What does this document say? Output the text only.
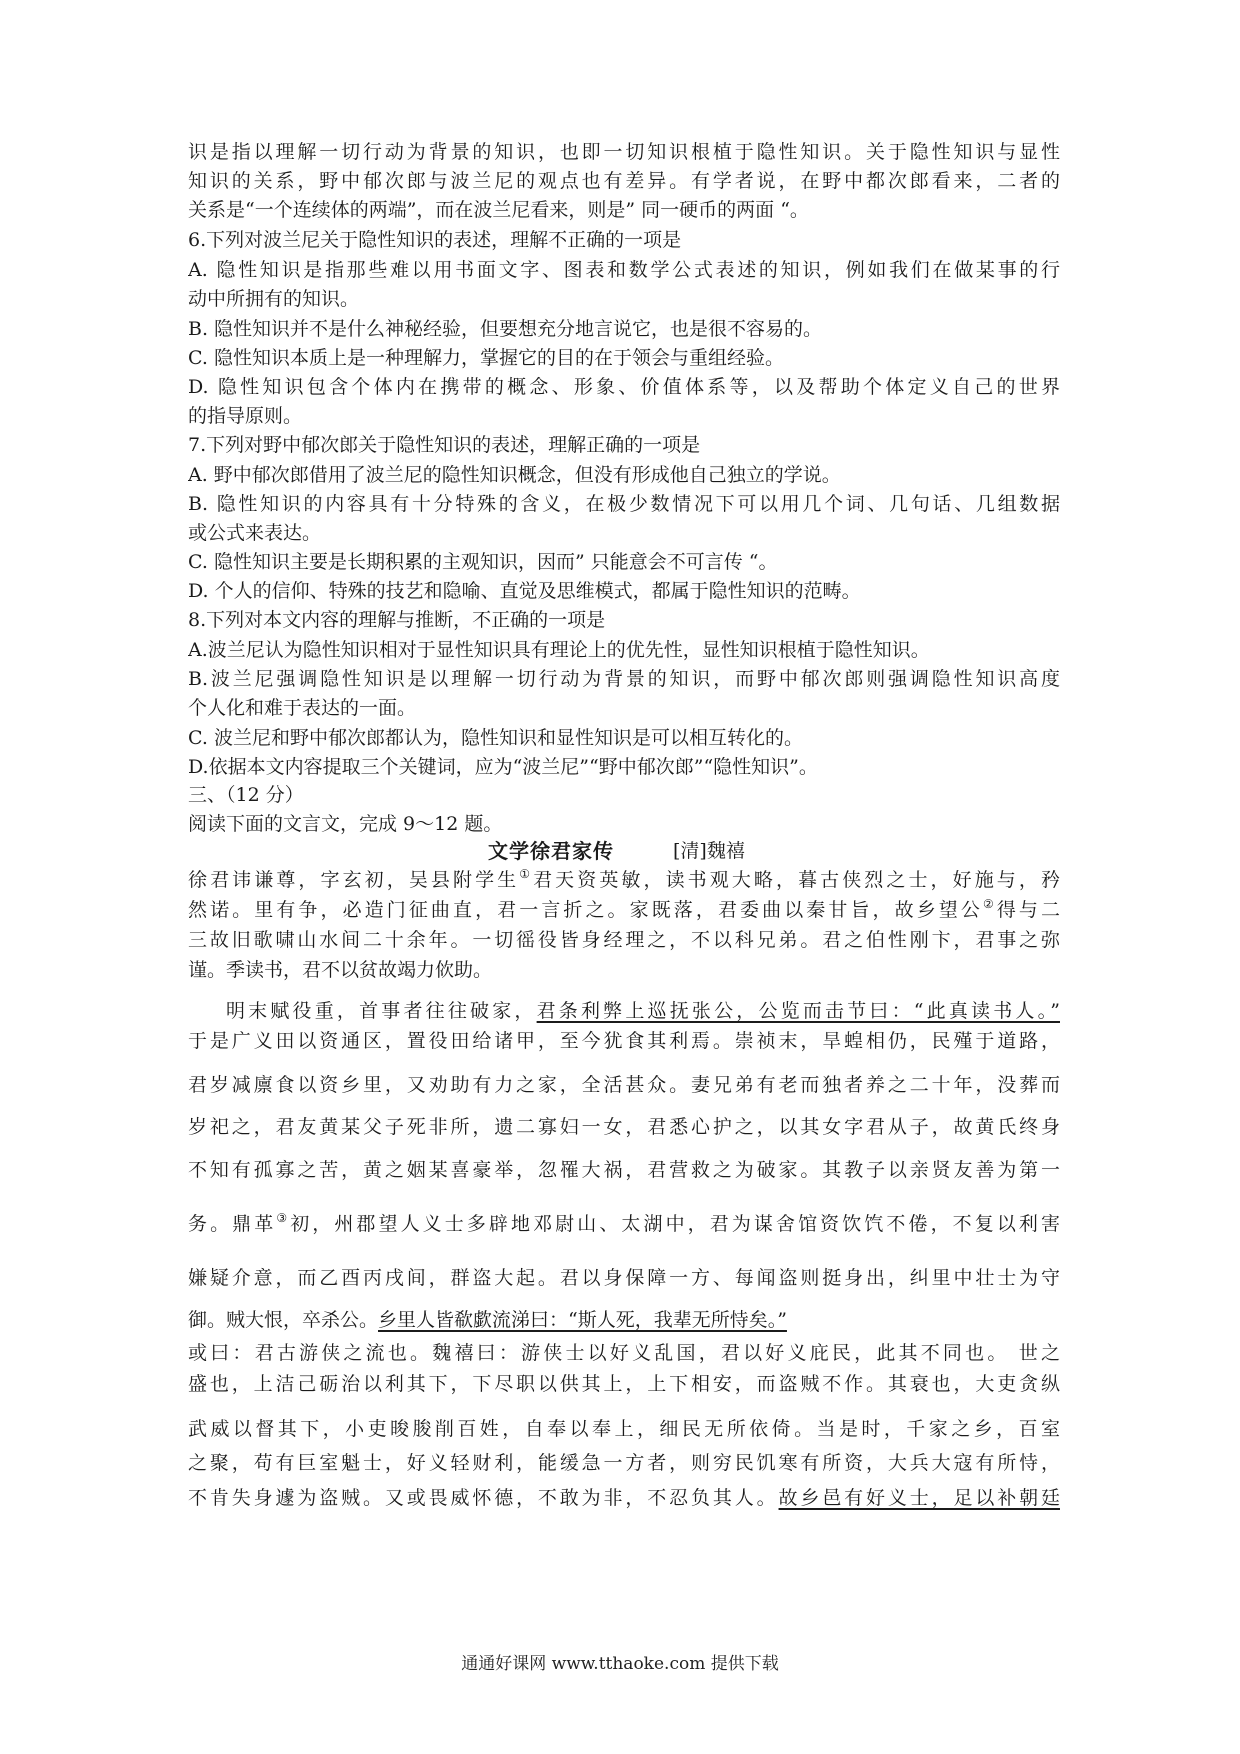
识是指以理解一切行动为背景的知识，也即一切知识根植于隐性知识。关于隐性知识与显性
知识的关系，野中郁次郎与波兰尼的观点也有差异。有学者说，在野中都次郎看来，二者的
关系是“一个连续体的两端”，而在波兰尼看来，则是” 同一硬币的两面 “。
6.下列对波兰尼关于隐性知识的表述，理解不正确的一项是
A. 隐性知识是指那些难以用书面文字、图表和数学公式表述的知识，例如我们在做某事的行
动中所拥有的知识。
B. 隐性知识并不是什么神秘经验，但要想充分地言说它，也是很不容易的。
C. 隐性知识本质上是一种理解力，掌握它的目的在于领会与重组经验。
D. 隐性知识包含个体内在携带的概念、形象、价值体系等，以及帮助个体定义自己的世界
的指导原则。
7.下列对野中郁次郎关于隐性知识的表述，理解正确的一项是
A. 野中郁次郎借用了波兰尼的隐性知识概念，但没有形成他自己独立的学说。
B. 隐性知识的内容具有十分特殊的含义，在极少数情况下可以用几个词、几句话、几组数据
或公式来表达。
C. 隐性知识主要是长期积累的主观知识，因而” 只能意会不可言传 “。
D. 个人的信仰、特殊的技艺和隐喻、直觉及思维模式，都属于隐性知识的范畴。
8.下列对本文内容的理解与推断，不正确的一项是
A.波兰尼认为隐性知识相对于显性知识具有理论上的优先性，显性知识根植于隐性知识。
B.波兰尼强调隐性知识是以理解一切行动为背景的知识，而野中郁次郎则强调隐性知识高度
个人化和难于表达的一面。
C. 波兰尼和野中郁次郎都认为，隐性知识和显性知识是可以相互转化的。
D.依据本文内容提取三个关键词，应为“波兰尼”“野中郁次郎”“隐性知识”。
三、（12 分）
阅读下面的文言文，完成 9～12 题。
文学徐君家传	[清]魏禧
徐君讳谦尊，字玄初，吴县附学生①君天资英敏，读书观大略，暮古侠烈之士，好施与，矜
然诺。里有争，必造门征曲直，君一言折之。家既落，君委曲以秦甘旨，故乡望公②得与二
三故旧歌啸山水间二十余年。一切徭役皆身经理之，不以科兄弟。君之伯性刚卞，君事之弥
谨。季读书，君不以贫故竭力佽助。
明末赋役重，首事者往往破家，君条利弊上巡抚张公，公览而击节曰：“此真读书人。”
于是广义田以资通区，置役田给诸甲，至今犹食其利焉。崇祯末，旱蝗相仍，民殣于道路，
君岁减廪食以资乡里，又劝助有力之家，全活甚众。妻兄弟有老而独者养之二十年，没葬而
岁祀之，君友黄某父子死非所，遗二寡妇一女，君悉心护之，以其女字君从子，故黄氏终身
不知有孤寡之苦，黄之姻某喜豪举，忽罹大祸，君营救之为破家。其教子以亲贤友善为第一
务。鼎革③初，州郡望人义士多辟地邓尉山、太湖中，君为谋舍馆资饮饩不倦，不复以利害
嫌疑介意，而乙酉丙戌间，群盗大起。君以身保障一方、每闻盗则挺身出，纠里中壮士为守
御。贼大恨，卒杀公。乡里人皆欷歔流涕曰：“斯人死，我辈无所恃矣。”
或曰：君古游侠之流也。魏禧曰：游侠士以好义乱国，君以好义庇民，此其不同也。 世之
盛也，上洁己砺治以利其下，下尽职以供其上，上下相安，而盗贼不作。其衰也，大吏贪纵
武威以督其下，小吏晙朘削百姓，自奉以奉上，细民无所依倚。当是时，千家之乡，百室
之聚，苟有巨室魁士，好义轻财利，能缓急一方者，则穷民饥寒有所资，大兵大寇有所恃，
不肯失身遽为盗贼。又或畏威怀德，不敢为非，不忍负其人。故乡邑有好义士，足以补朝廷
通通好课网 www.tthaoke.com 提供下载
